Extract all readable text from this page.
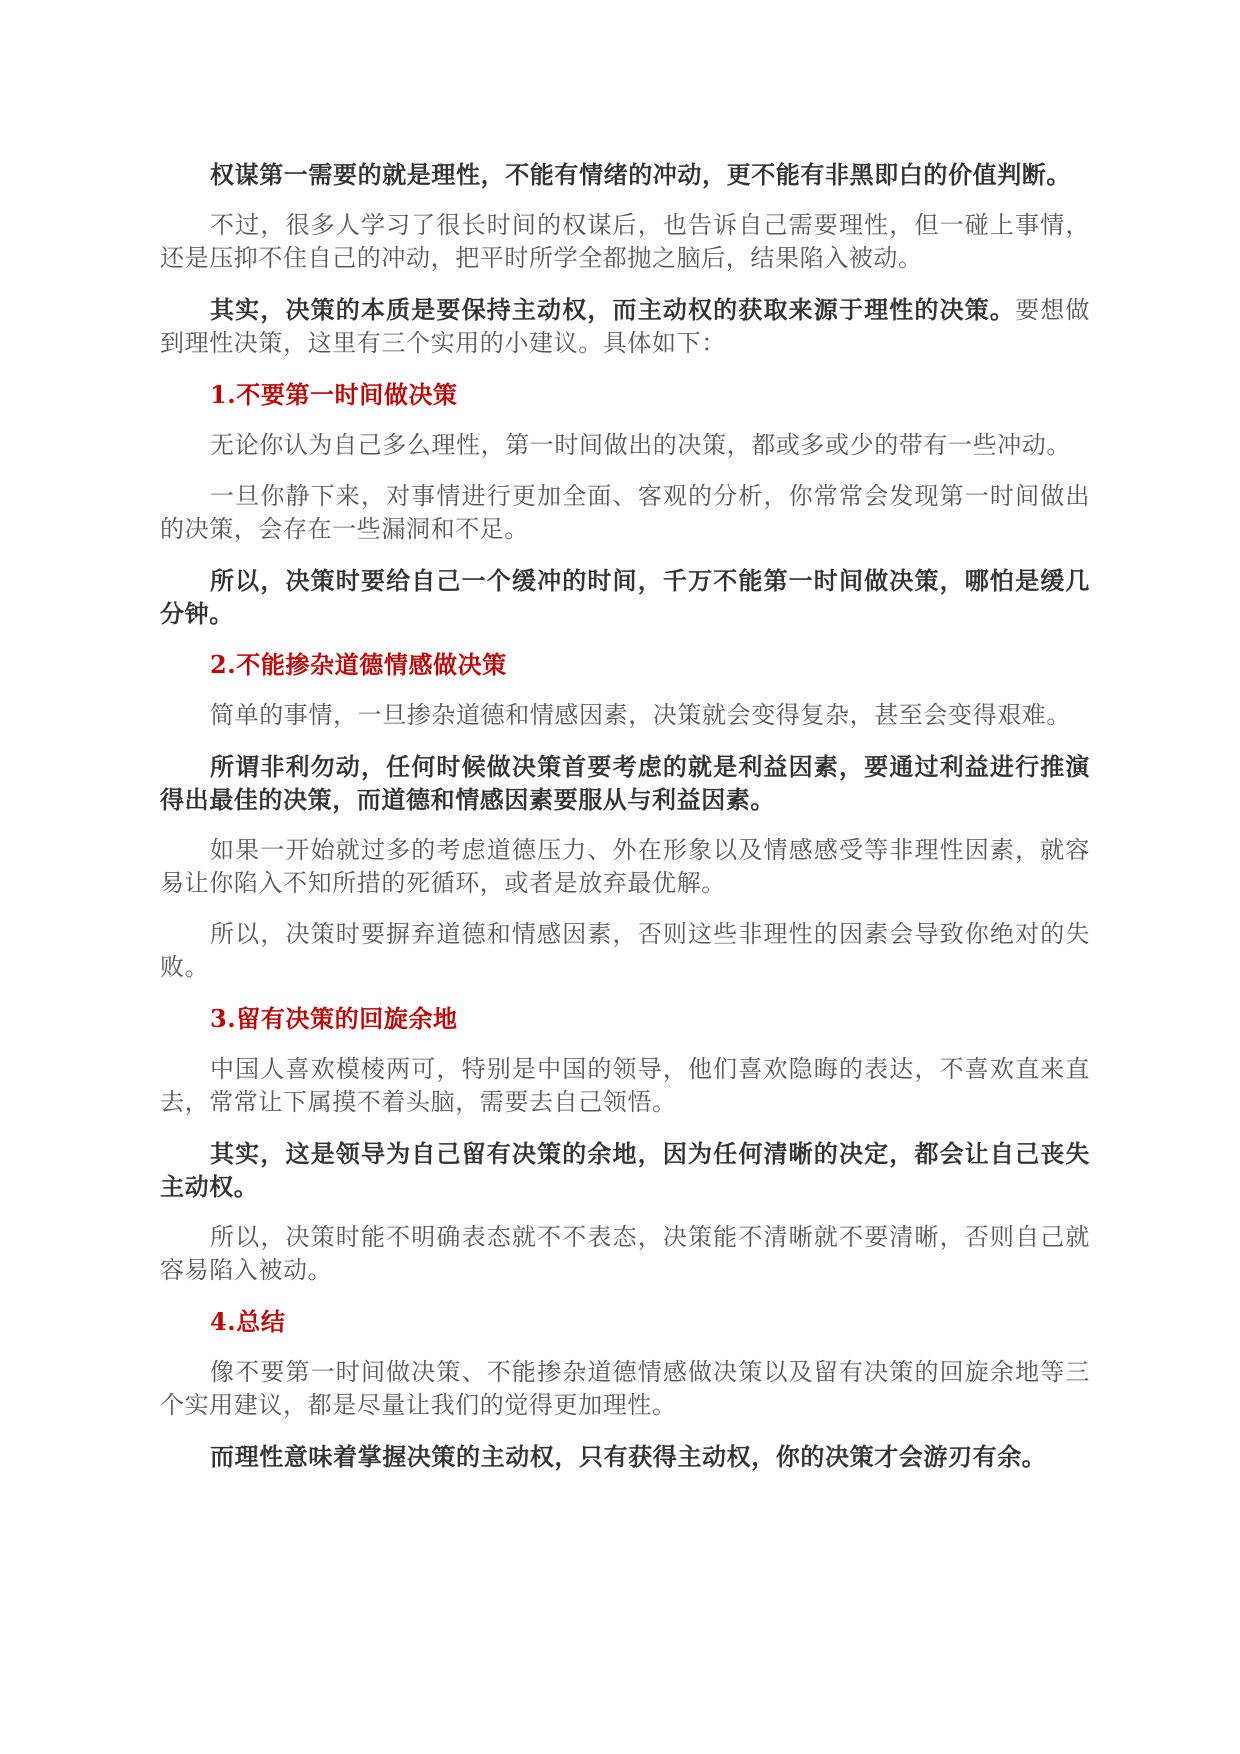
权谋第一需要的就是理性，不能有情绪的冲动，更不能有非黑即白的价值判断。

不过，很多人学习了很长时间的权谋后，也告诉自己需要理性，但一碰上事情，还是压抑不住自己的冲动，把平时所学全都抛之脑后，结果陷入被动。

其实，决策的本质是要保持主动权，而主动权的获取来源于理性的决策。要想做到理性决策，这里有三个实用的小建议。具体如下：

1.不要第一时间做决策

无论你认为自己多么理性，第一时间做出的决策，都或多或少的带有一些冲动。

一旦你静下来，对事情进行更加全面、客观的分析，你常常会发现第一时间做出的决策，会存在一些漏洞和不足。

所以，决策时要给自己一个缓冲的时间，千万不能第一时间做决策，哪怕是缓几分钟。

2.不能掺杂道德情感做决策

简单的事情，一旦掺杂道德和情感因素，决策就会变得复杂，甚至会变得艰难。

所谓非利勿动，任何时候做决策首要考虑的就是利益因素，要通过利益进行推演得出最佳的决策，而道德和情感因素要服从与利益因素。

如果一开始就过多的考虑道德压力、外在形象以及情感感受等非理性因素，就容易让你陷入不知所措的死循环，或者是放弃最优解。

所以，决策时要摒弃道德和情感因素，否则这些非理性的因素会导致你绝对的失败。

3.留有决策的回旋余地

中国人喜欢模棱两可，特别是中国的领导，他们喜欢隐晦的表达，不喜欢直来直去，常常让下属摸不着头脑，需要去自己领悟。

其实，这是领导为自己留有决策的余地，因为任何清晰的决定，都会让自己丧失主动权。

所以，决策时能不明确表态就不不表态，决策能不清晰就不要清晰，否则自己就容易陷入被动。

4.总结

像不要第一时间做决策、不能掺杂道德情感做决策以及留有决策的回旋余地等三个实用建议，都是尽量让我们的觉得更加理性。

而理性意味着掌握决策的主动权，只有获得主动权，你的决策才会游刃有余。
